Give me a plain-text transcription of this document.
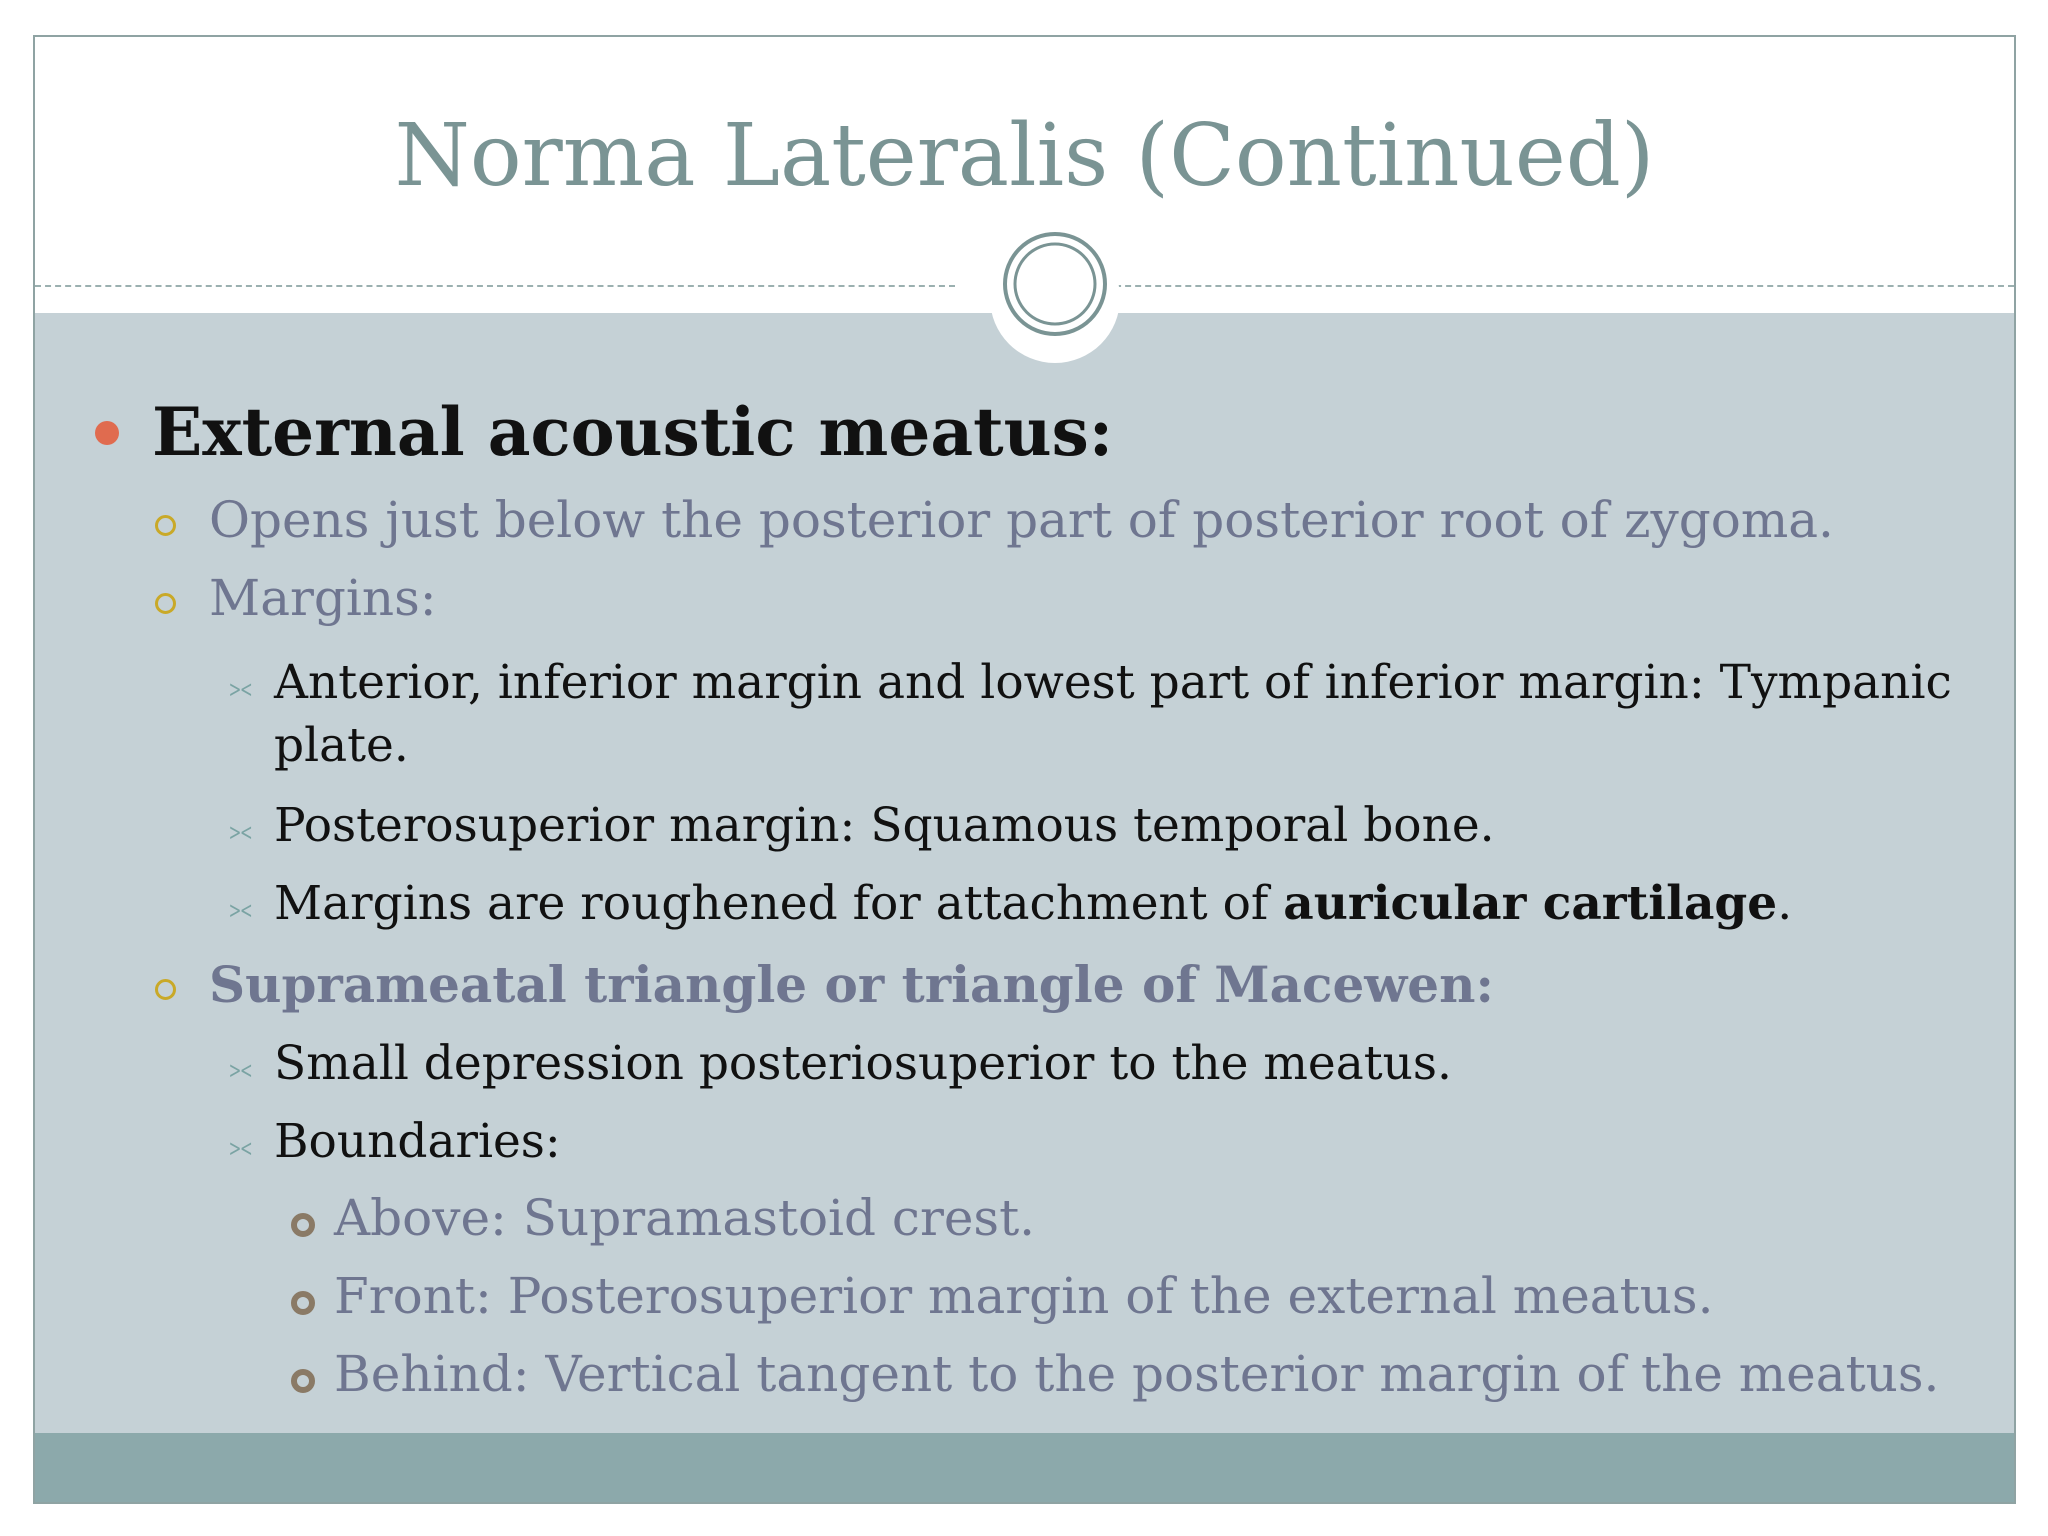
Norma Lateralis (Continued)
External acoustic meatus:
Opens just below the posterior part of posterior root of zygoma.
Margins:
⪥ Anterior, inferior margin and lowest part of inferior margin: Tympanic
plate.
⪥ Posterosuperior margin: Squamous temporal bone.
⪥ Margins are roughened for attachment of auricular cartilage.
Suprameatal triangle or triangle of Macewen:
⪥ Small depression posteriosuperior to the meatus.
⪥ Boundaries:
Above: Supramastoid crest.
Front: Posterosuperior margin of the external meatus.
Behind: Vertical tangent to the posterior margin of the meatus.
